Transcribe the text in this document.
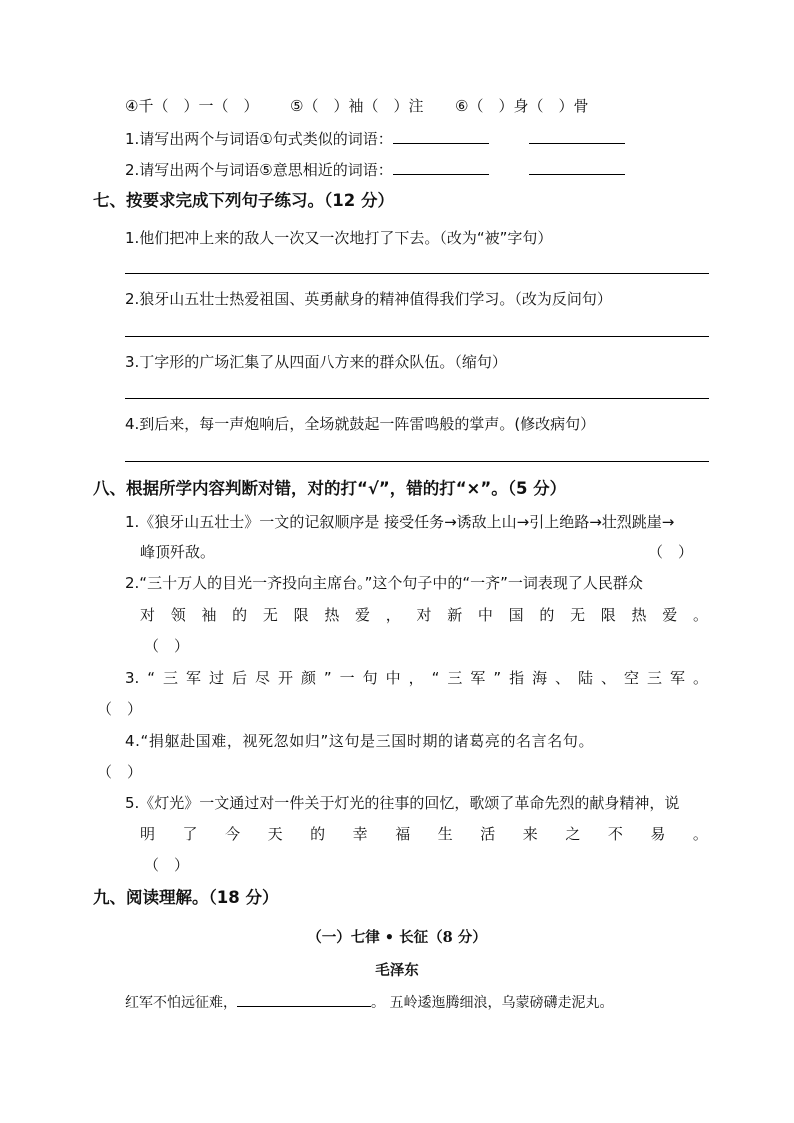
④千（　）一（　） ⑤（　）袖（　）注 ⑥（　）身（　）骨
1.请写出两个与词语①句式类似的词语：
2.请写出两个与词语⑤意思相近的词语：
七、按要求完成下列句子练习。（12 分）
1.他们把冲上来的敌人一次又一次地打了下去。（改为“被”字句）
2.狼牙山五壮士热爱祖国、英勇献身的精神值得我们学习。（改为反问句）
3.丁字形的广场汇集了从四面八方来的群众队伍。（缩句）
4.到后来，每一声炮响后，全场就鼓起一阵雷鸣般的掌声。(修改病句）
八、根据所学内容判断对错，对的打“√”，错的打“×”。（5 分）
1.《狼牙山五壮士》一文的记叙顺序是 接受任务→诱敌上山→引上绝路→壮烈跳崖→
峰顶歼敌。	（　）
2.“三十万人的目光一齐投向主席台。”这个句子中的“一齐”一词表现了人民群众
对 领 袖 的 无 限 热 爱 ， 对 新 中 国 的 无 限 热 爱 。
（　）
3. “ 三 军 过 后 尽 开 颜 ” 一 句 中 ， “ 三 军 ” 指 海 、 陆 、 空 三 军 。
（　）
4.“捐躯赴国难，视死忽如归”这句是三国时期的诸葛亮的名言名句。
（　）
5.《灯光》一文通过对一件关于灯光的往事的回忆，歌颂了革命先烈的献身精神，说
明 了 今 天 的 幸 福 生 活 来 之 不 易 。
（　）
九、阅读理解。（18 分）
（一）七律 • 长征（8 分）
毛泽东
红军不怕远征难，	。 五岭逶迤腾细浪，乌蒙磅礴走泥丸。
